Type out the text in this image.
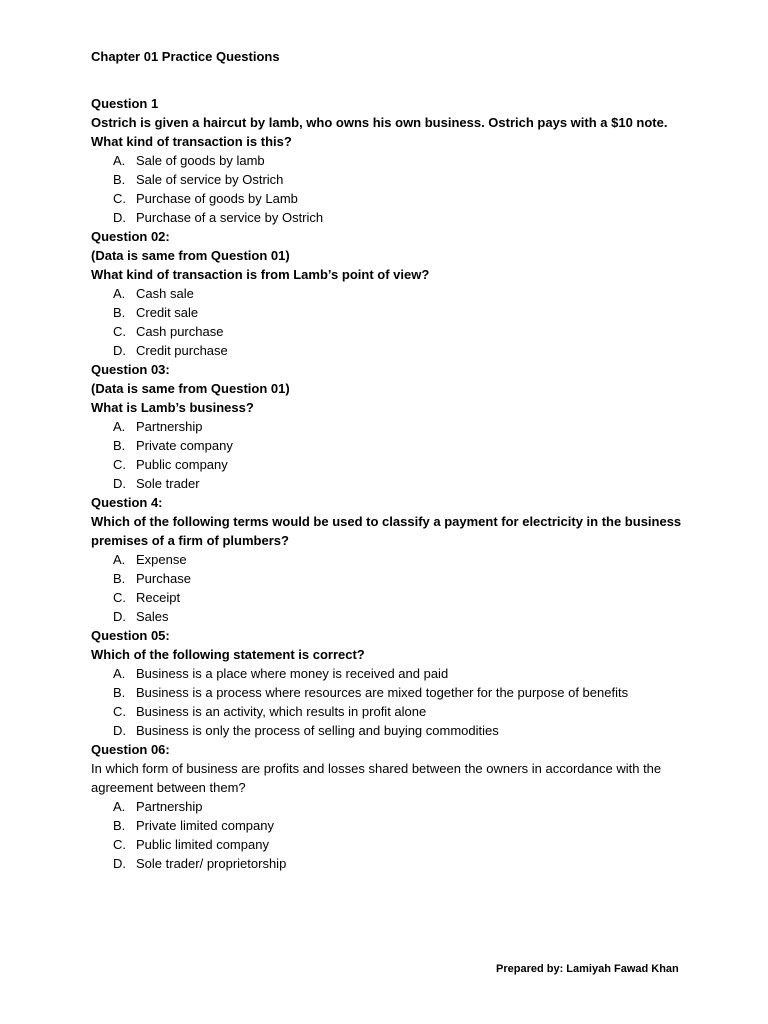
Chapter 01 Practice Questions

Question 1

Ostrich is given a haircut by lamb, who owns his own business. Ostrich pays with a $10 note.

What kind of transaction is this?

A. Sale of goods by lamb
B. Sale of service by Ostrich
C. Purchase of goods by Lamb
D. Purchase of a service by Ostrich

Question 02:

(Data is same from Question 01)

What kind of transaction is from Lamb’s point of view?

A. Cash sale
B. Credit sale
C. Cash purchase
D. Credit purchase

Question 03:

(Data is same from Question 01)

What is Lamb’s business?

A. Partnership
B. Private company
C. Public company
D. Sole trader

Question 4:

Which of the following terms would be used to classify a payment for electricity in the business premises of a firm of plumbers?

A. Expense
B. Purchase
C. Receipt
D. Sales

Question 05:

Which of the following statement is correct?

A. Business is a place where money is received and paid
B. Business is a process where resources are mixed together for the purpose of benefits
C. Business is an activity, which results in profit alone
D. Business is only the process of selling and buying commodities

Question 06:

In which form of business are profits and losses shared between the owners in accordance with the agreement between them?

A. Partnership
B. Private limited company
C. Public limited company
D. Sole trader/ proprietorship
Prepared by: Lamiyah Fawad Khan
